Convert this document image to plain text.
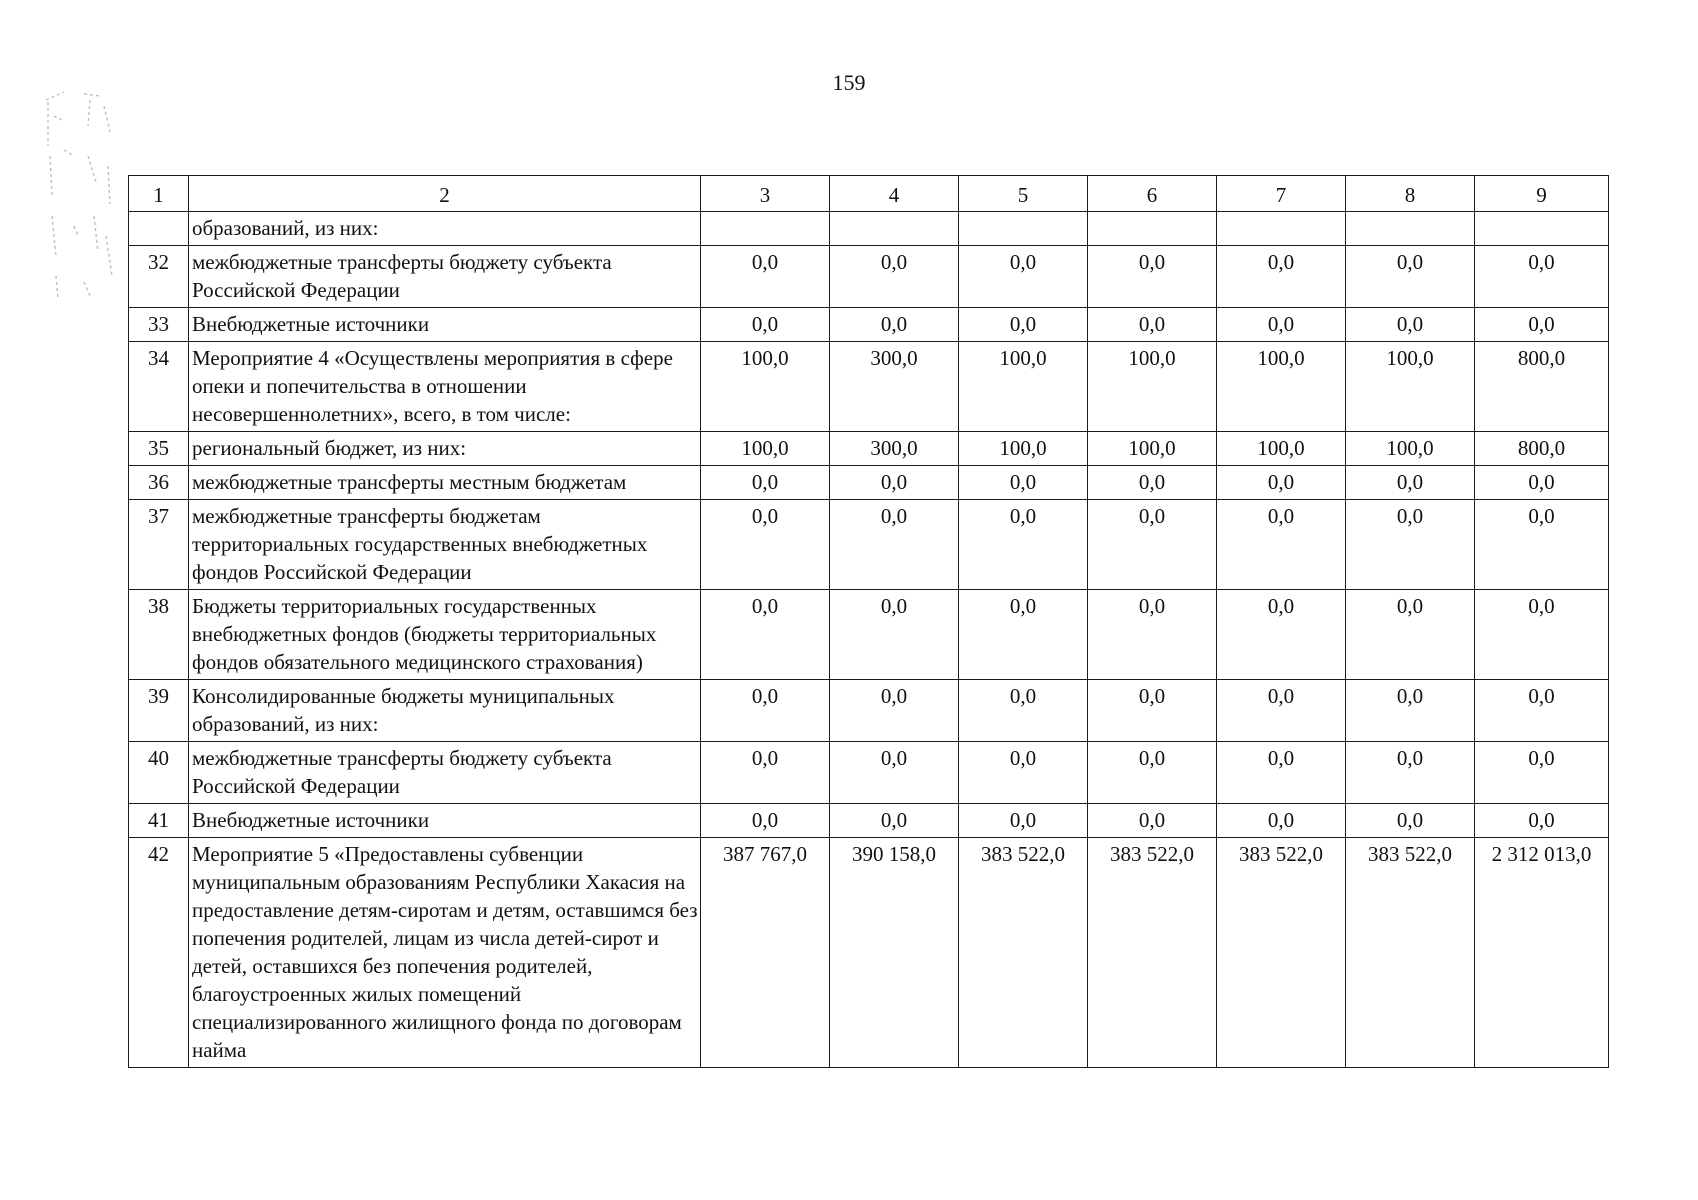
159
1	2	3	4	5	6	7	8	9
	образований, из них:							
32	межбюджетные трансферты бюджету субъекта Российской Федерации	0,0	0,0	0,0	0,0	0,0	0,0	0,0
33	Внебюджетные источники	0,0	0,0	0,0	0,0	0,0	0,0	0,0
34	Мероприятие 4 «Осуществлены мероприятия в сфере опеки и попечительства в отношении несовершеннолетних», всего, в том числе:	100,0	300,0	100,0	100,0	100,0	100,0	800,0
35	региональный бюджет, из них:	100,0	300,0	100,0	100,0	100,0	100,0	800,0
36	межбюджетные трансферты местным бюджетам	0,0	0,0	0,0	0,0	0,0	0,0	0,0
37	межбюджетные трансферты бюджетам территориальных государственных внебюджетных фондов Российской Федерации	0,0	0,0	0,0	0,0	0,0	0,0	0,0
38	Бюджеты территориальных государственных внебюджетных фондов (бюджеты территориальных фондов обязательного медицинского страхования)	0,0	0,0	0,0	0,0	0,0	0,0	0,0
39	Консолидированные бюджеты муниципальных образований, из них:	0,0	0,0	0,0	0,0	0,0	0,0	0,0
40	межбюджетные трансферты бюджету субъекта Российской Федерации	0,0	0,0	0,0	0,0	0,0	0,0	0,0
41	Внебюджетные источники	0,0	0,0	0,0	0,0	0,0	0,0	0,0
42	Мероприятие 5 «Предоставлены субвенции муниципальным образованиям Республики Хакасия на предоставление детям-сиротам и детям, оставшимся без попечения родителей, лицам из числа детей-сирот и детей, оставшихся без попечения родителей, благоустроенных жилых помещений специализированного жилищного фонда по договорам найма	387 767,0	390 158,0	383 522,0	383 522,0	383 522,0	383 522,0	2 312 013,0
